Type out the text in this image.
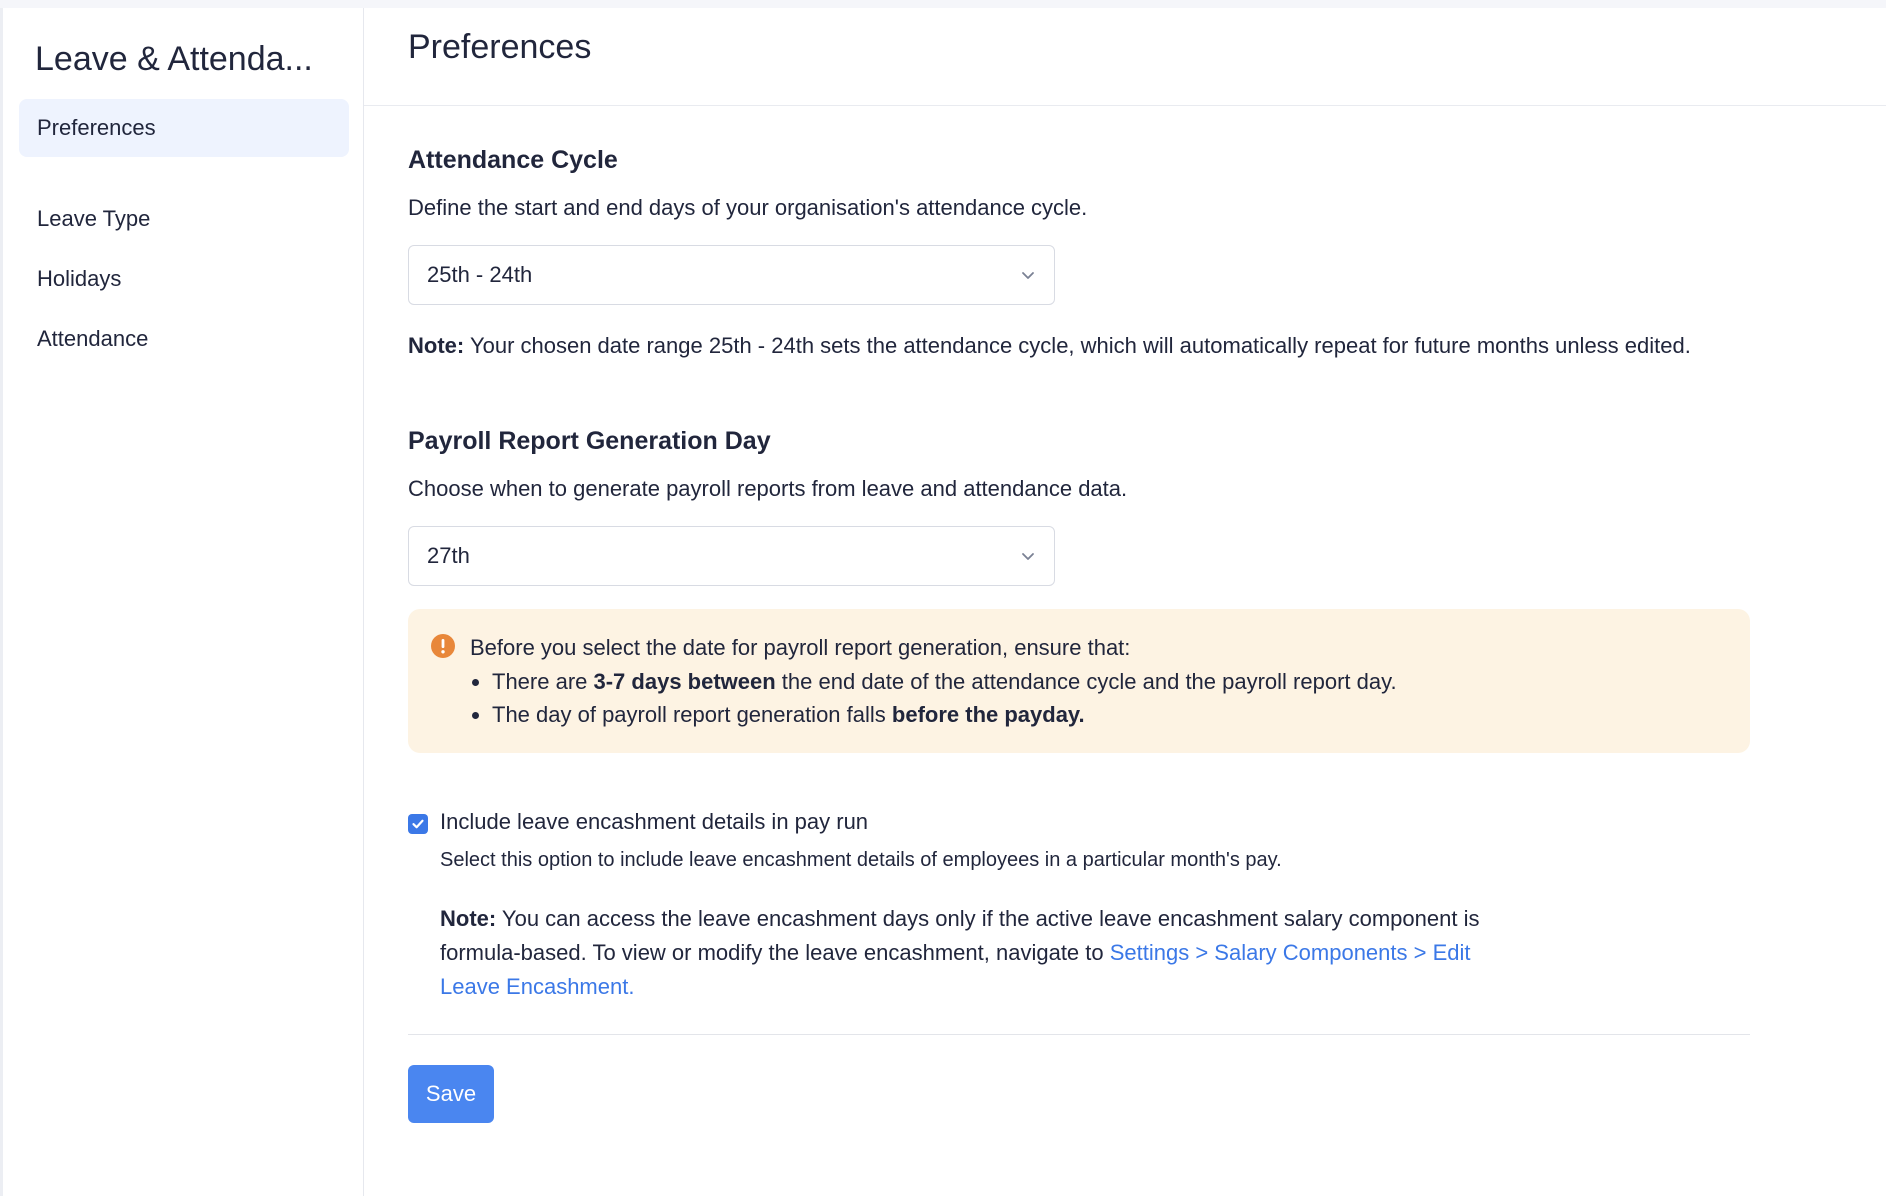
Leave & Attenda...
Preferences
Leave Type
Holidays
Attendance
Preferences
Attendance Cycle
Define the start and end days of your organisation's attendance cycle.
25th - 24th
Note: Your chosen date range 25th - 24th sets the attendance cycle, which will automatically repeat for future months unless edited.
Payroll Report Generation Day
Choose when to generate payroll reports from leave and attendance data.
27th
Before you select the date for payroll report generation, ensure that:
• There are 3-7 days between the end date of the attendance cycle and the payroll report day.
• The day of payroll report generation falls before the payday.
Include leave encashment details in pay run
Select this option to include leave encashment details of employees in a particular month's pay.
Note: You can access the leave encashment days only if the active leave encashment salary component is formula-based. To view or modify the leave encashment, navigate to Settings > Salary Components > Edit Leave Encashment.
Save
